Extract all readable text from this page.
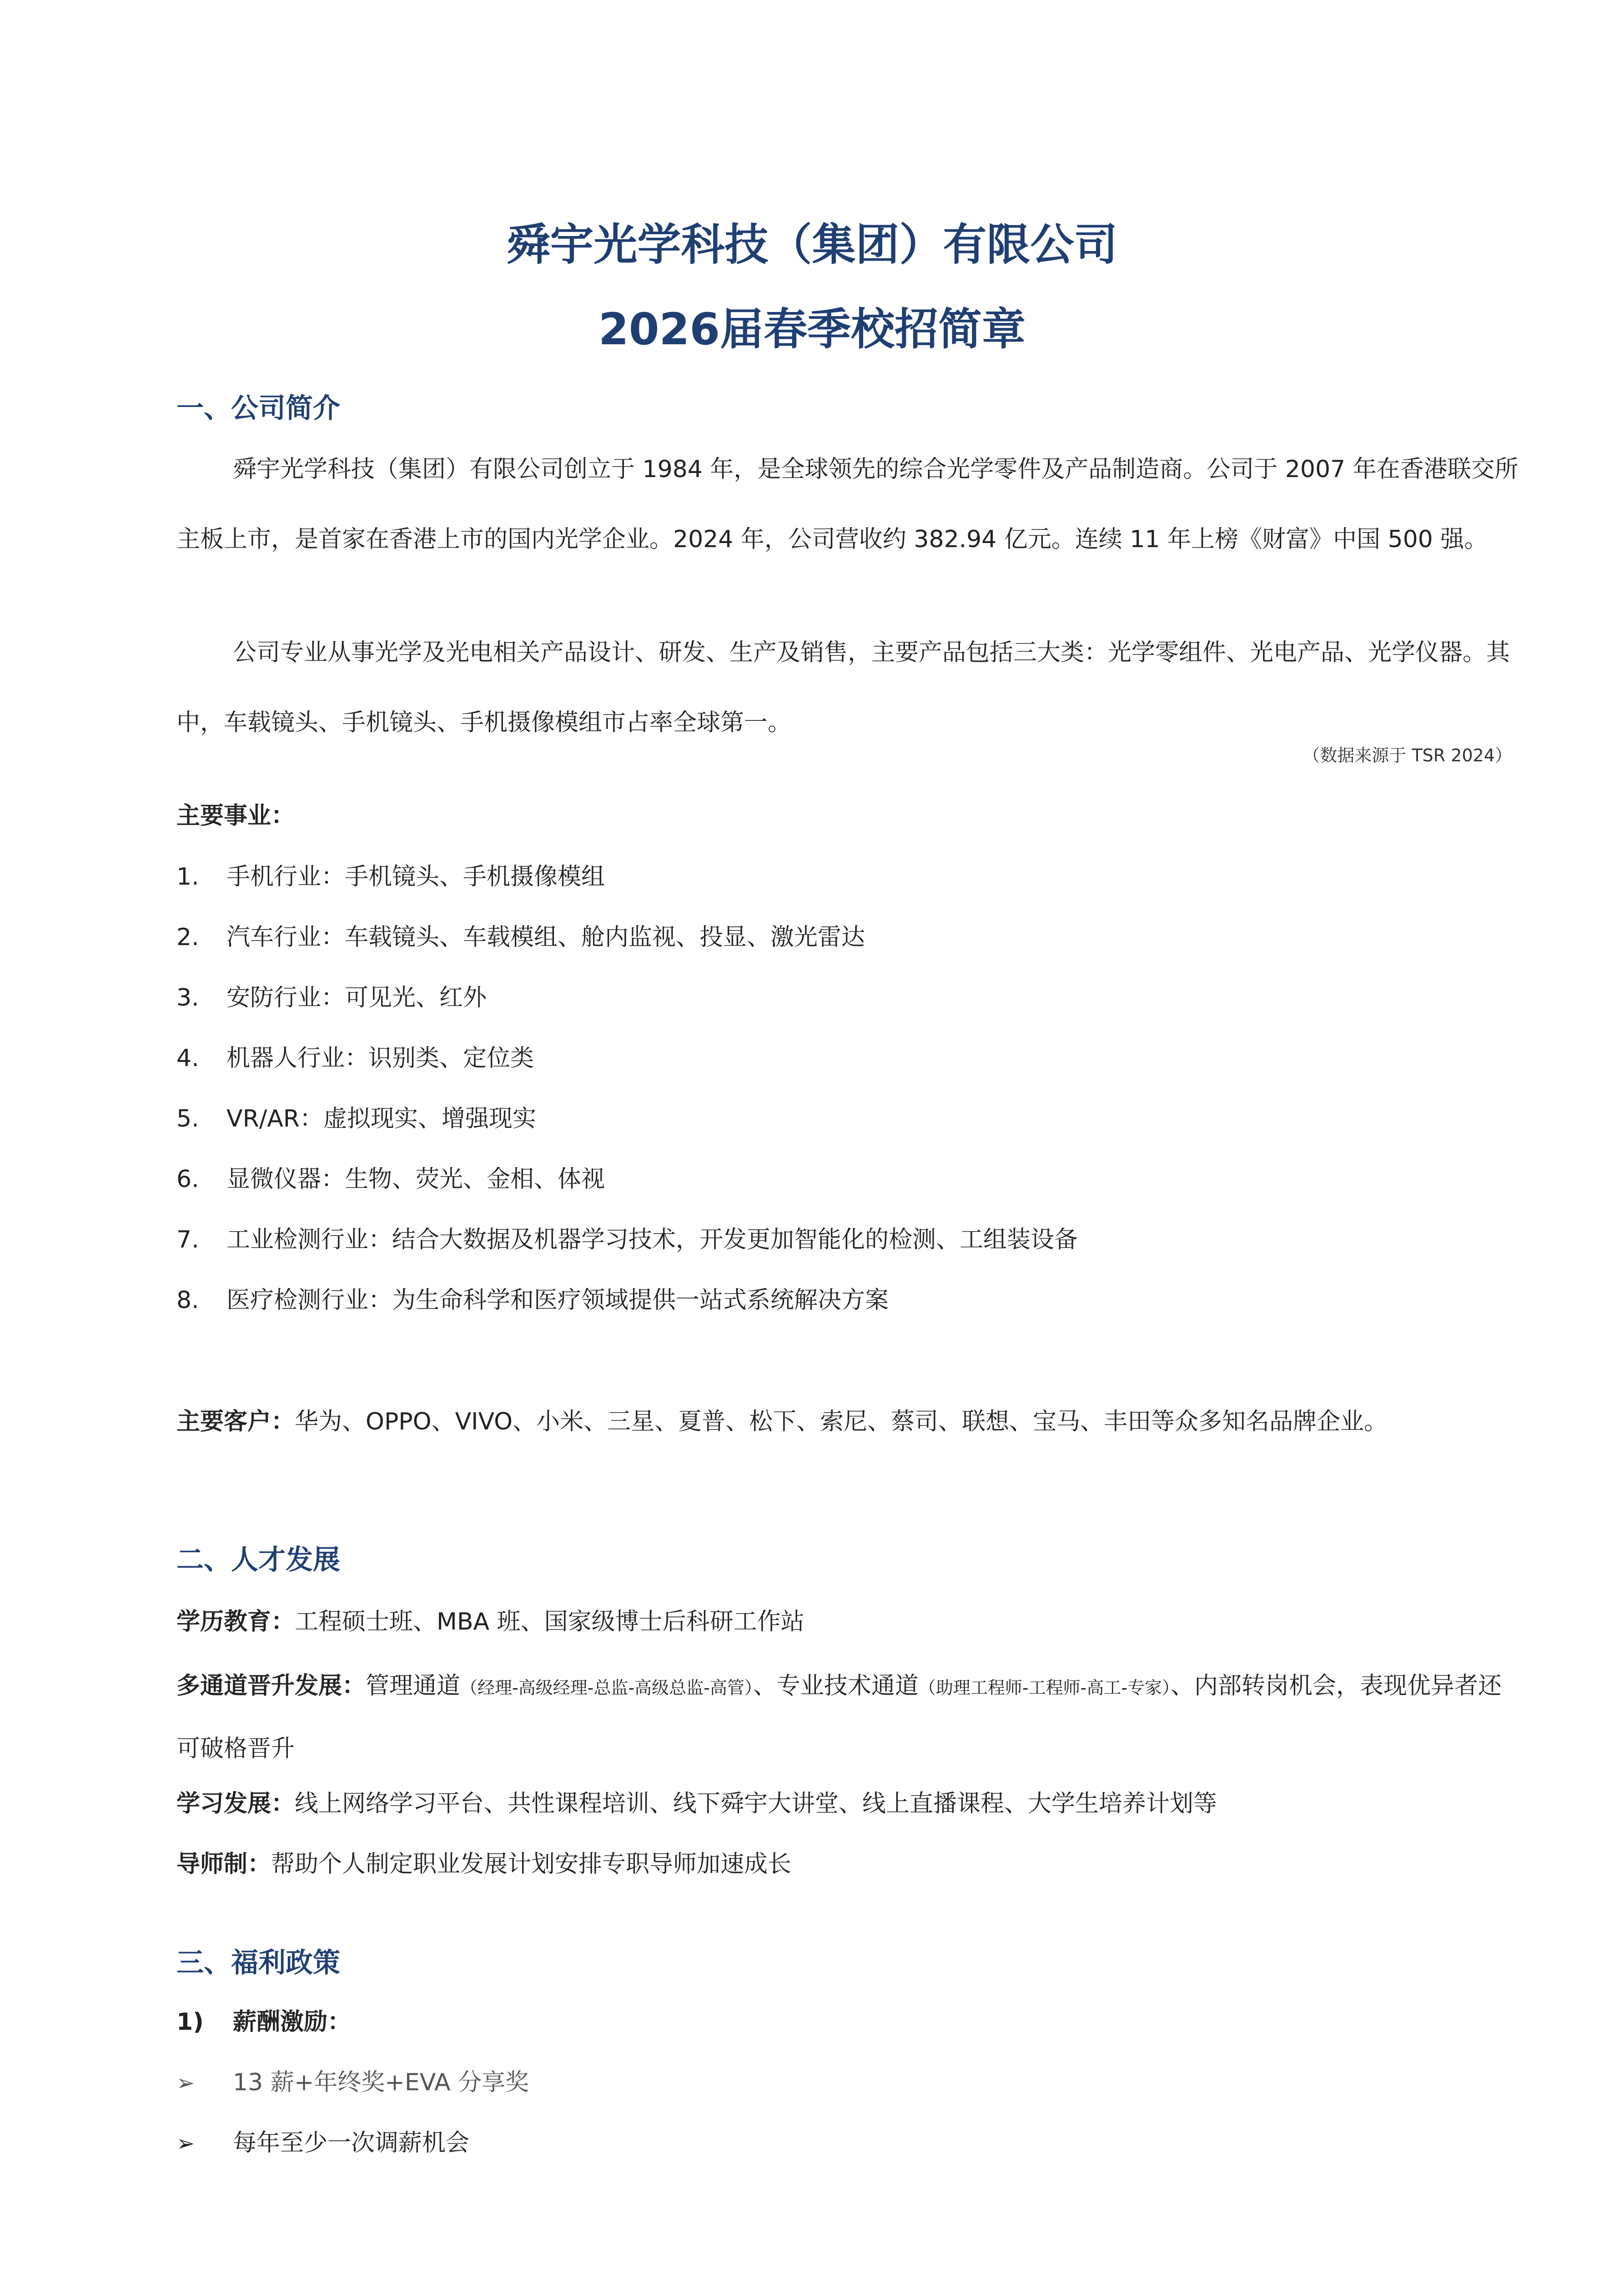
舜宇光学科技（集团）有限公司
2026届春季校招简章
一、公司简介

舜宇光学科技（集团）有限公司创立于 1984 年，是全球领先的综合光学零件及产品制造商。公司于 2007 年在香港联交所主板上市，是首家在香港上市的国内光学企业。2024 年，公司营收约 382.94 亿元。连续 11 年上榜《财富》中国 500 强。

公司专业从事光学及光电相关产品设计、研发、生产及销售，主要产品包括三大类：光学零组件、光电产品、光学仪器。其中，车载镜头、手机镜头、手机摄像模组市占率全球第一。

（数据来源于 TSR 2024）
主要事业：
1. 手机行业：手机镜头、手机摄像模组
2. 汽车行业：车载镜头、车载模组、舱内监视、投显、激光雷达
3. 安防行业：可见光、红外
4. 机器人行业：识别类、定位类
5. VR/AR：虚拟现实、增强现实
6. 显微仪器：生物、荧光、金相、体视
7. 工业检测行业：结合大数据及机器学习技术，开发更加智能化的检测、工组装设备
8. 医疗检测行业：为生命科学和医疗领域提供一站式系统解决方案
主要客户：华为、OPPO、VIVO、小米、三星、夏普、松下、索尼、蔡司、联想、宝马、丰田等众多知名品牌企业。
二、人才发展
学历教育：工程硕士班、MBA 班、国家级博士后科研工作站

多通道晋升发展：管理通道（经理-高级经理-总监-高级总监-高管）、专业技术通道（助理工程师-工程师-高工-专家）、内部转岗机会，表现优异者还可破格晋升

学习发展：线上网络学习平台、共性课程培训、线下舜宇大讲堂、线上直播课程、大学生培养计划等
导师制：帮助个人制定职业发展计划安排专职导师加速成长
三、福利政策
1) 薪酬激励：
➢ 13 薪+年终奖+EVA 分享奖
➢ 每年至少一次调薪机会
